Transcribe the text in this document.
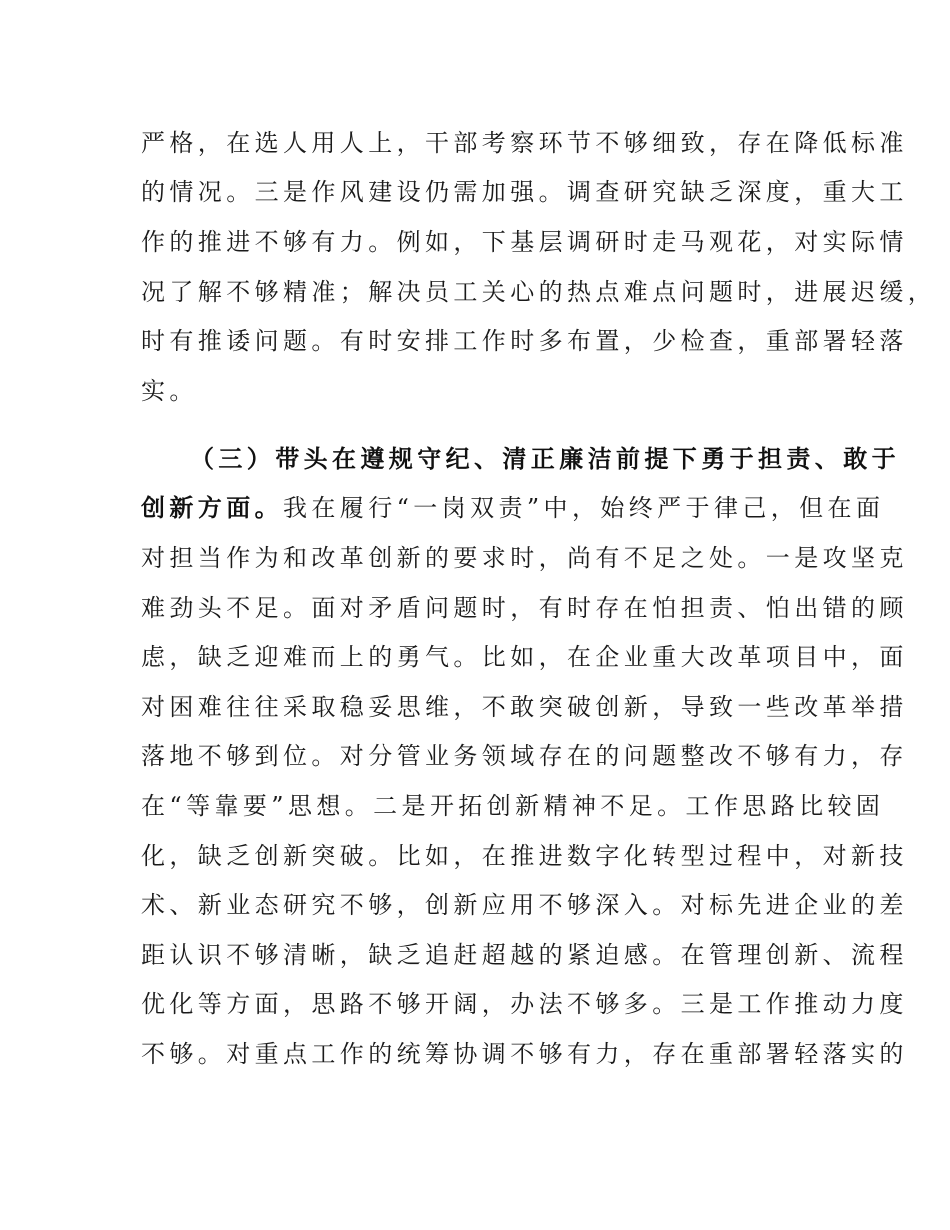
严格，在选人用人上，干部考察环节不够细致，存在降低标准
的情况。三是作风建设仍需加强。调查研究缺乏深度，重大工
作的推进不够有力。例如，下基层调研时走马观花，对实际情
况了解不够精准；解决员工关心的热点难点问题时，进展迟缓，
时有推诿问题。有时安排工作时多布置，少检查，重部署轻落
实。
（三）带头在遵规守纪、清正廉洁前提下勇于担责、敢于
创新方面。我在履行“一岗双责”中，始终严于律己，但在面
对担当作为和改革创新的要求时，尚有不足之处。一是攻坚克
难劲头不足。面对矛盾问题时，有时存在怕担责、怕出错的顾
虑，缺乏迎难而上的勇气。比如，在企业重大改革项目中，面
对困难往往采取稳妥思维，不敢突破创新，导致一些改革举措
落地不够到位。对分管业务领域存在的问题整改不够有力，存
在“等靠要”思想。二是开拓创新精神不足。工作思路比较固
化，缺乏创新突破。比如，在推进数字化转型过程中，对新技
术、新业态研究不够，创新应用不够深入。对标先进企业的差
距认识不够清晰，缺乏追赶超越的紧迫感。在管理创新、流程
优化等方面，思路不够开阔，办法不够多。三是工作推动力度
不够。对重点工作的统筹协调不够有力，存在重部署轻落实的
